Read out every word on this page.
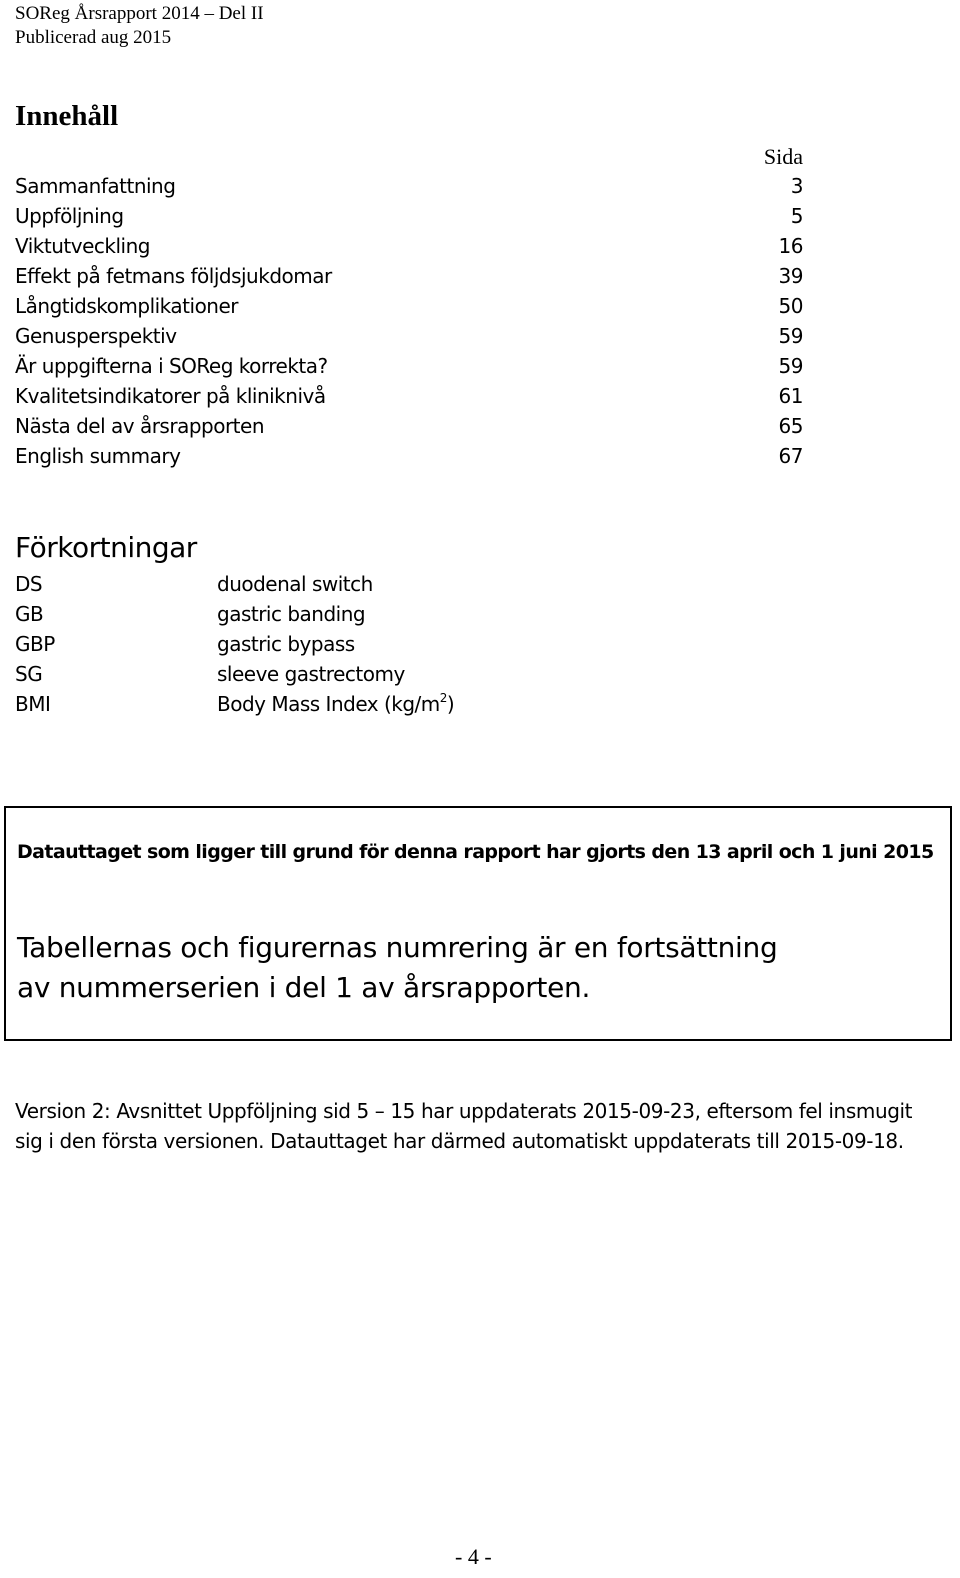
SOReg Årsrapport 2014 – Del II
Publicerad aug 2015
Innehåll
Sida
Sammanfattning	3
Uppföljning	5
Viktutveckling	16
Effekt på fetmans följdsjukdomar	39
Långtidskomplikationer	50
Genusperspektiv	59
Är uppgifterna i SOReg korrekta?	59
Kvalitetsindikatorer på kliniknivå	61
Nästa del av årsrapporten	65
English summary	67
Förkortningar
DS	duodenal switch
GB	gastric banding
GBP	gastric bypass
SG	sleeve gastrectomy
BMI	Body Mass Index $(kg/m^2)$
Datauttaget som ligger till grund för denna rapport har gjorts den 13 april och 1 juni 2015
Tabellernas och figurernas numrering är en fortsättning av nummerserien i del 1 av årsrapporten.
Version 2: Avsnittet Uppföljning sid 5 – 15 har uppdaterats 2015-09-23, eftersom fel insmugit sig i den första versionen. Datauttaget har därmed automatiskt uppdaterats till 2015-09-18.
- 4 -
